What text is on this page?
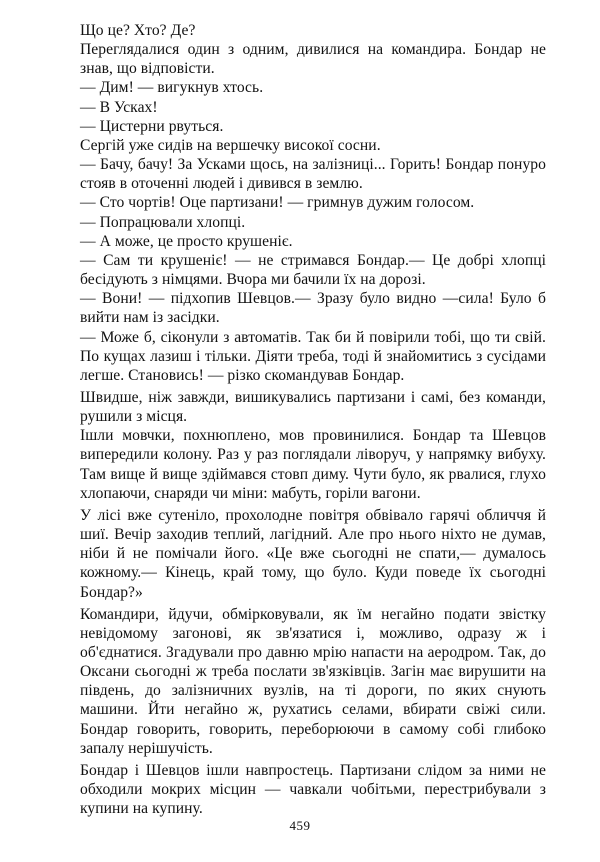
Що це? Хто? Де?

Переглядалися один з одним, дивилися на командира. Бондар не знав, що відповісти.

— Дим! — вигукнув хтось.

— В Усках!

— Цистерни рвуться.

Сергій уже сидів на вершечку високої сосни.

— Бачу, бачу! За Усками щось, на залізниці... Горить! Бондар понуро стояв в оточенні людей і дивився в землю.

— Сто чортів! Оце партизани! — гримнув дужим голосом.

— Попрацювали хлопці.

— А може, це просто крушеніє.

— Сам ти крушеніє! — не стримався Бондар.— Це добрі хлопці бесідують з німцями. Вчора ми бачили їх на дорозі.

— Вони! — підхопив Шевцов.— Зразу було видно —сила! Було б вийти нам із засідки.

— Може б, сіконули з автоматів. Так би й повірили тобі, що ти свій. По кущах лазиш і тільки. Діяти треба, тоді й знайомитись з сусідами легше. Становись! — різко скомандував Бондар.

Швидше, ніж завжди, вишикувались партизани і самі, без команди, рушили з місця.

Ішли мовчки, похнюплено, мов провинилися. Бондар та Шевцов випередили колону. Раз у раз поглядали ліворуч, у напрямку вибуху. Там вище й вище здіймався стовп диму. Чути було, як рвалися, глухо хлопаючи, снаряди чи міни: мабуть, горіли вагони.

У лісі вже сутеніло, прохолодне повітря обвівало гарячі обличчя й шиї. Вечір заходив теплий, лагідний. Але про нього ніхто не думав, ніби й не помічали його. «Це вже сьогодні не спати,— думалось кожному.— Кінець, край тому, що було. Куди поведе їх сьогодні Бондар?»

Командири, йдучи, обмірковували, як їм негайно подати звістку невідомому загонові, як зв'язатися і, можливо, одразу ж і об'єднатися. Згадували про давню мрію напасти на аеродром. Так, до Оксани сьогодні ж треба послати зв'язківців. Загін має вирушити на південь, до залізничних вузлів, на ті дороги, по яких снують машини. Йти негайно ж, рухатись селами, вбирати свіжі сили. Бондар говорить, говорить, переборюючи в самому собі глибоко запалу нерішучість.

Бондар і Шевцов ішли навпростець. Партизани слідом за ними не обходили мокрих місцин — чавкали чобітьми, перестрибували з купини на купину.

459
